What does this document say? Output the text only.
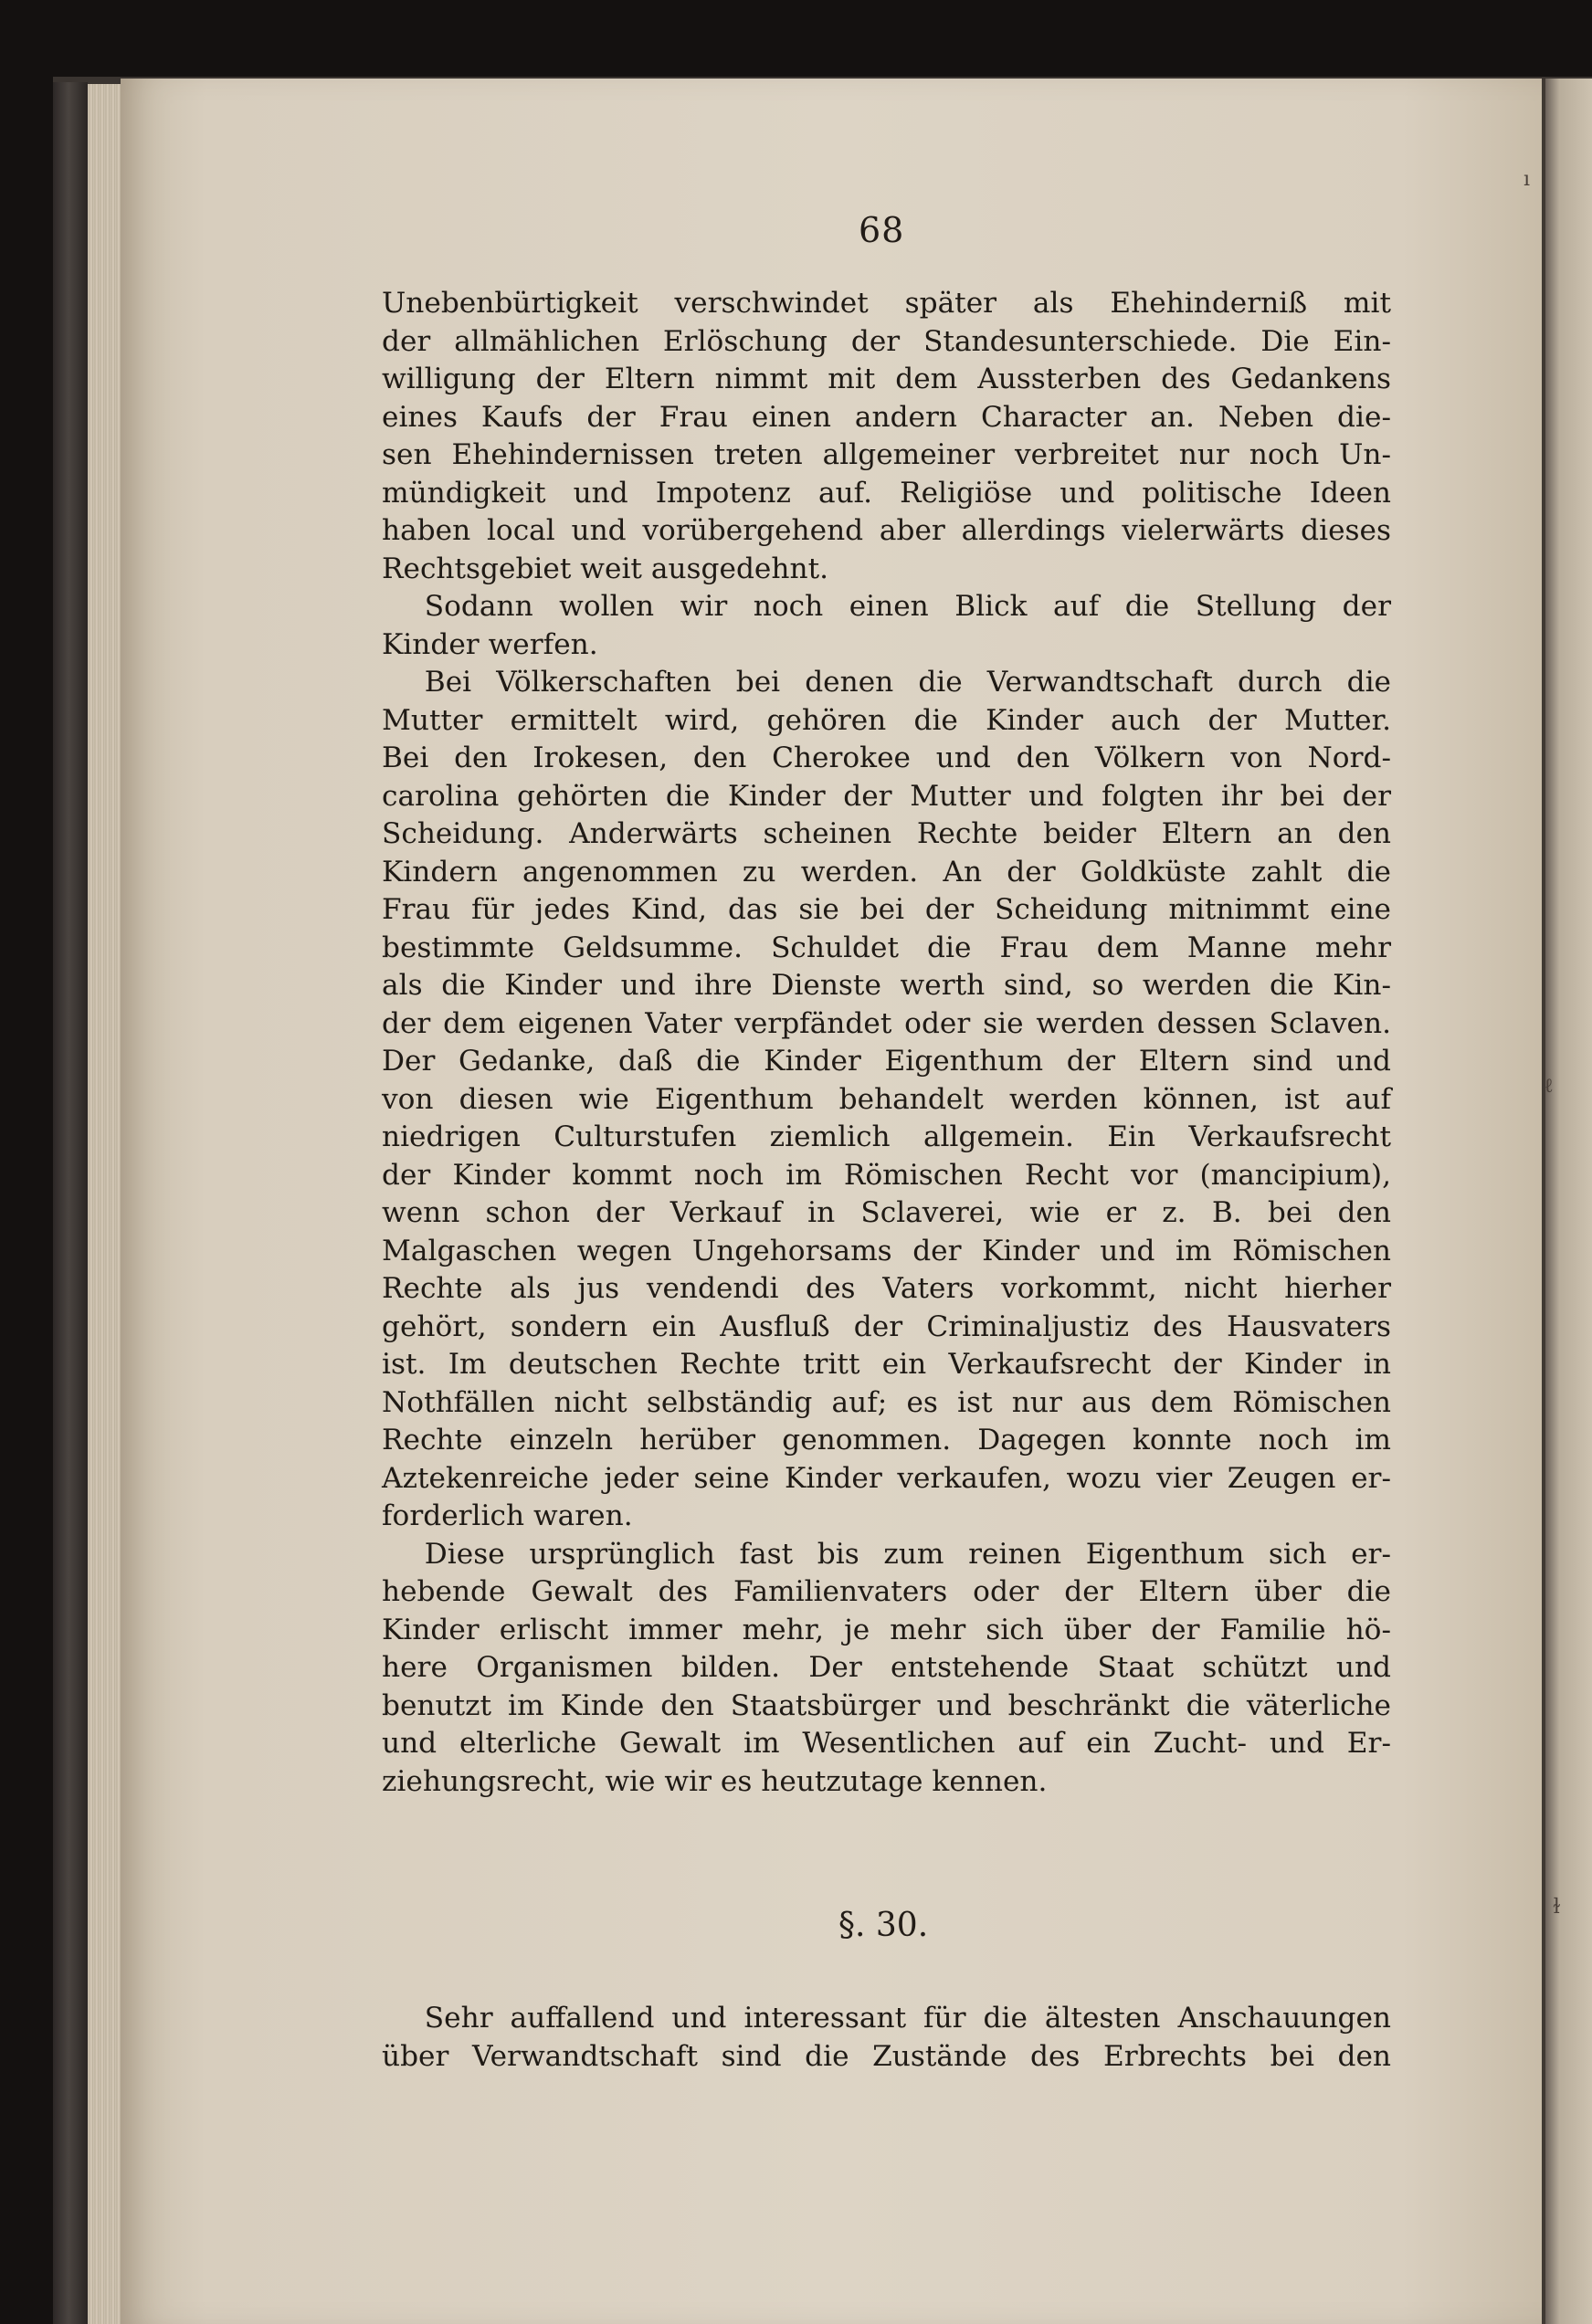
68
Unebenbürtigkeit verschwindet später als Ehehinderniß mit
der allmählichen Erlöschung der Standesunterschiede. Die Ein-
willigung der Eltern nimmt mit dem Aussterben des Gedankens
eines Kaufs der Frau einen andern Character an. Neben die-
sen Ehehindernissen treten allgemeiner verbreitet nur noch Un-
mündigkeit und Impotenz auf. Religiöse und politische Ideen
haben local und vorübergehend aber allerdings vielerwärts dieses
Rechtsgebiet weit ausgedehnt.
  Sodann wollen wir noch einen Blick auf die Stellung der
Kinder werfen.
  Bei Völkerschaften bei denen die Verwandtschaft durch die
Mutter ermittelt wird, gehören die Kinder auch der Mutter.
Bei den Irokesen, den Cherokee und den Völkern von Nord-
carolina gehörten die Kinder der Mutter und folgten ihr bei der
Scheidung. Anderwärts scheinen Rechte beider Eltern an den
Kindern angenommen zu werden. An der Goldküste zahlt die
Frau für jedes Kind, das sie bei der Scheidung mitnimmt eine
bestimmte Geldsumme. Schuldet die Frau dem Manne mehr
als die Kinder und ihre Dienste werth sind, so werden die Kin-
der dem eigenen Vater verpfändet oder sie werden dessen Sclaven.
Der Gedanke, daß die Kinder Eigenthum der Eltern sind und
von diesen wie Eigenthum behandelt werden können, ist auf
niedrigen Culturstufen ziemlich allgemein. Ein Verkaufsrecht
der Kinder kommt noch im Römischen Recht vor (mancipium),
wenn schon der Verkauf in Sclaverei, wie er z. B. bei den
Malgaschen wegen Ungehorsams der Kinder und im Römischen
Rechte als jus vendendi des Vaters vorkommt, nicht hierher
gehört, sondern ein Ausfluß der Criminaljustiz des Hausvaters
ist. Im deutschen Rechte tritt ein Verkaufsrecht der Kinder in
Nothfällen nicht selbständig auf; es ist nur aus dem Römischen
Rechte einzeln herüber genommen. Dagegen konnte noch im
Aztekenreiche jeder seine Kinder verkaufen, wozu vier Zeugen er-
forderlich waren.
  Diese ursprünglich fast bis zum reinen Eigenthum sich er-
hebende Gewalt des Familienvaters oder der Eltern über die
Kinder erlischt immer mehr, je mehr sich über der Familie hö-
here Organismen bilden. Der entstehende Staat schützt und
benutzt im Kinde den Staatsbürger und beschränkt die väterliche
und elterliche Gewalt im Wesentlichen auf ein Zucht- und Er-
ziehungsrecht, wie wir es heutzutage kennen.
§. 30.
  Sehr auffallend und interessant für die ältesten Anschauungen
über Verwandtschaft sind die Zustände des Erbrechts bei den
ı
ℓ
ɫ
